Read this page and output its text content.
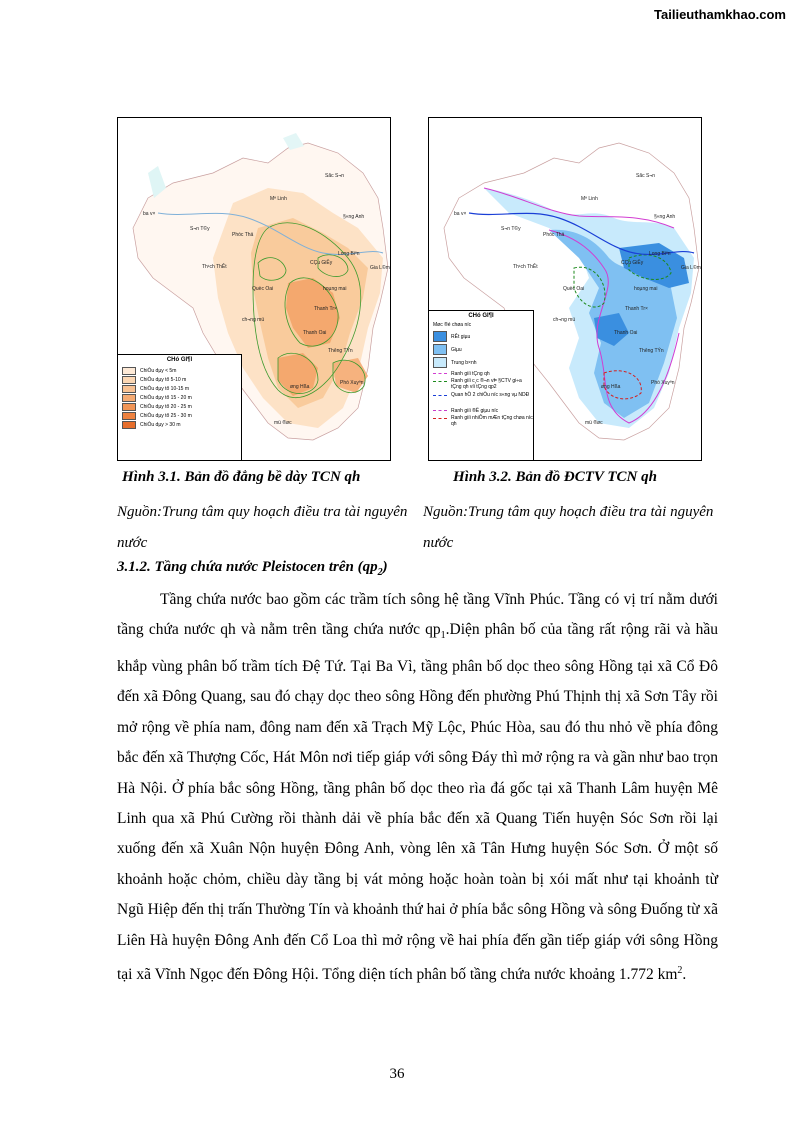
Tailieuthamkhao.com
Sãc S¬n
Mª Linh
ba v×	§«ng Anh
S¬n T©y
Phóc Thä
CÇu GiÊy
Long Biªn
Th¹ch ThÊt	Gia L©m
Quèc Oai	hoµng mai
Thanh Tr×
ch¬ng mü
Thanh Oai
Thêng TÝn
øng Hßa
Phó Xuyªn
mü ®øc
CHó GI¶I
ChiÒu dµy < 5m
ChiÒu dµy tõ 5-10 m
ChiÒu dµy tõ 10-15 m
ChiÒu dµy tõ 15 - 20 m
ChiÒu dµy tõ 20 - 25 m
ChiÒu dµy tõ 25 - 30 m
ChiÒu dµy > 30 m
Sãc S¬n
Mª Linh
ba v×	§«ng Anh
S¬n T©y
Phóc Thä
CÇu GiÊy
Long Biªn
Th¹ch ThÊt	Gia L©m
Quèc Oai	hoµng mai
Thanh Tr×
ch¬ng mü
Thanh Oai
Thêng TÝn
øng Hßa
Phó Xuyªn
mü ®øc
CHó GI¶I
Møc ®é chøa níc
RÊt giµu
Giµu
Trung b×nh
Ranh giíi tÇng qh
Ranh giíi c¸c ®¬n vÞ §CTV gi÷a tÇng qh víi tÇng qp2
Quan hÖ 2 chiÒu níc s«ng vµ NDĐ
Ranh giíi ®Ë giµu níc
Ranh giíi nhiÔm mÆn tÇng chøa níc qh
Hình 3.1. Bản đồ đẳng bề dày TCN qh	Hình 3.2. Bản đồ ĐCTV TCN qh
Nguồn:Trung tâm quy hoạch điều tra tài nguyên nước
Nguồn:Trung tâm quy hoạch điều tra tài nguyên nước
3.1.2. Tầng chứa nước Pleistocen trên $(qp_2)$

Tầng chứa nước bao gồm các trầm tích sông hệ tầng Vĩnh Phúc. Tầng có vị trí nằm dưới tầng chứa nước qh và nằm trên tầng chứa nước $qp_1.Diện$ phân bố của tầng rất rộng rãi và hầu khắp vùng phân bố trầm tích Đệ Tứ. Tại Ba Vì, tầng phân bố dọc theo sông Hồng tại xã Cổ Đô đến xã Đông Quang, sau đó chạy dọc theo sông Hồng đến phường Phú Thịnh thị xã Sơn Tây rồi mở rộng về phía nam, đông nam đến xã Trạch Mỹ Lộc, Phúc Hòa, sau đó thu nhỏ về phía đông bắc đến xã Thượng Cốc, Hát Môn nơi tiếp giáp với sông Đáy thì mở rộng ra và gần như bao trọn Hà Nội. Ở phía bắc sông Hồng, tầng phân bố dọc theo rìa đá gốc tại xã Thanh Lâm huyện Mê Linh qua xã Phú Cường rồi thành dải về phía bắc đến xã Quang Tiến huyện Sóc Sơn rồi lại xuống đến xã Xuân Nộn huyện Đông Anh, vòng lên xã Tân Hưng huyện Sóc Sơn. Ở một số khoảnh hoặc chỏm, chiều dày tầng bị vát mỏng hoặc hoàn toàn bị xói mất như tại khoảnh từ Ngũ Hiệp đến thị trấn Thường Tín và khoảnh thứ hai ở phía bắc sông Hồng và sông Đuống từ xã Liên Hà huyện Đông Anh đến Cổ Loa thì mở rộng về hai phía đến gần tiếp giáp với sông Hồng tại xã Vĩnh Ngọc đến Đông Hội. Tổng diện tích phân bố tầng chứa nước khoảng 1.772 $km^2$.

36
